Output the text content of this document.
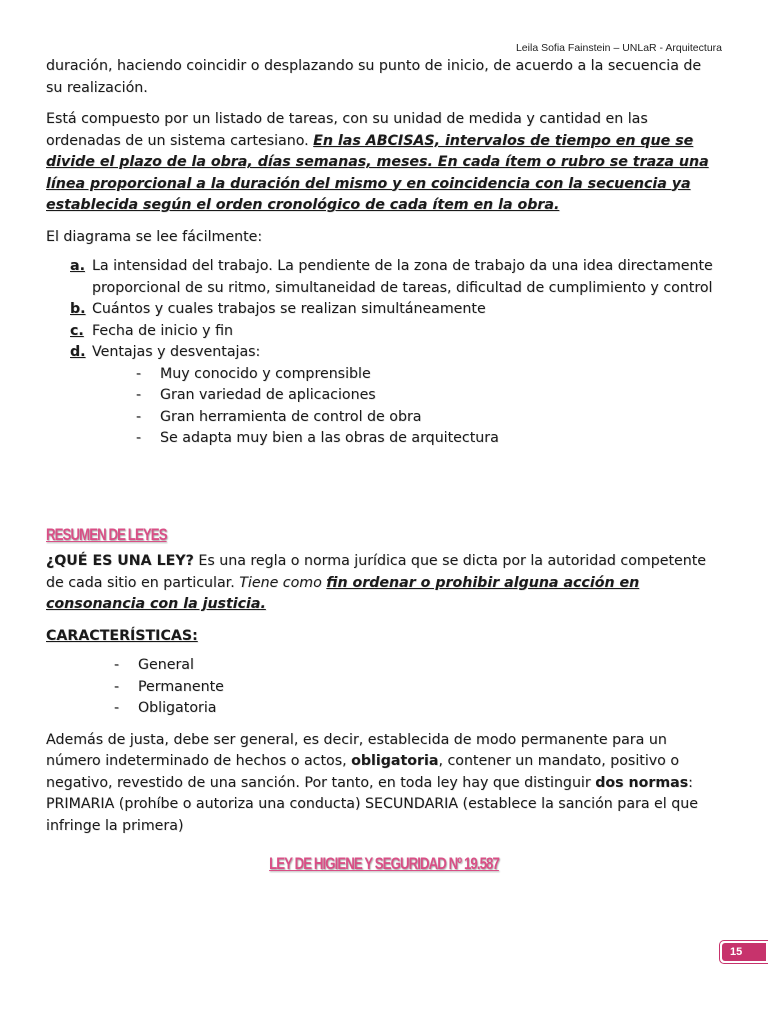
Leila Sofia Fainstein – UNLaR - Arquitectura

duración, haciendo coincidir o desplazando su punto de inicio, de acuerdo a la secuencia de su realización.

Está compuesto por un listado de tareas, con su unidad de medida y cantidad en las ordenadas de un sistema cartesiano. En las ABCISAS, intervalos de tiempo en que se divide el plazo de la obra, días semanas, meses. En cada ítem o rubro se traza una línea proporcional a la duración del mismo y en coincidencia con la secuencia ya establecida según el orden cronológico de cada ítem en la obra.

El diagrama se lee fácilmente:

a. La intensidad del trabajo. La pendiente de la zona de trabajo da una idea directamente proporcional de su ritmo, simultaneidad de tareas, dificultad de cumplimiento y control
b. Cuántos y cuales trabajos se realizan simultáneamente
c. Fecha de inicio y fin
d. Ventajas y desventajas:
- Muy conocido y comprensible
- Gran variedad de aplicaciones
- Gran herramienta de control de obra
- Se adapta muy bien a las obras de arquitectura
RESUMEN DE LEYES

¿QUÉ ES UNA LEY? Es una regla o norma jurídica que se dicta por la autoridad competente de cada sitio en particular. Tiene como fin ordenar o prohibir alguna acción en consonancia con la justicia.

CARACTERÍSTICAS:

- General
- Permanente
- Obligatoria

Además de justa, debe ser general, es decir, establecida de modo permanente para un número indeterminado de hechos o actos, obligatoria, contener un mandato, positivo o negativo, revestido de una sanción. Por tanto, en toda ley hay que distinguir dos normas: PRIMARIA (prohíbe o autoriza una conducta) SECUNDARIA (establece la sanción para el que infringe la primera)

LEY DE HIGIENE Y SEGURIDAD Nº 19.587
15
